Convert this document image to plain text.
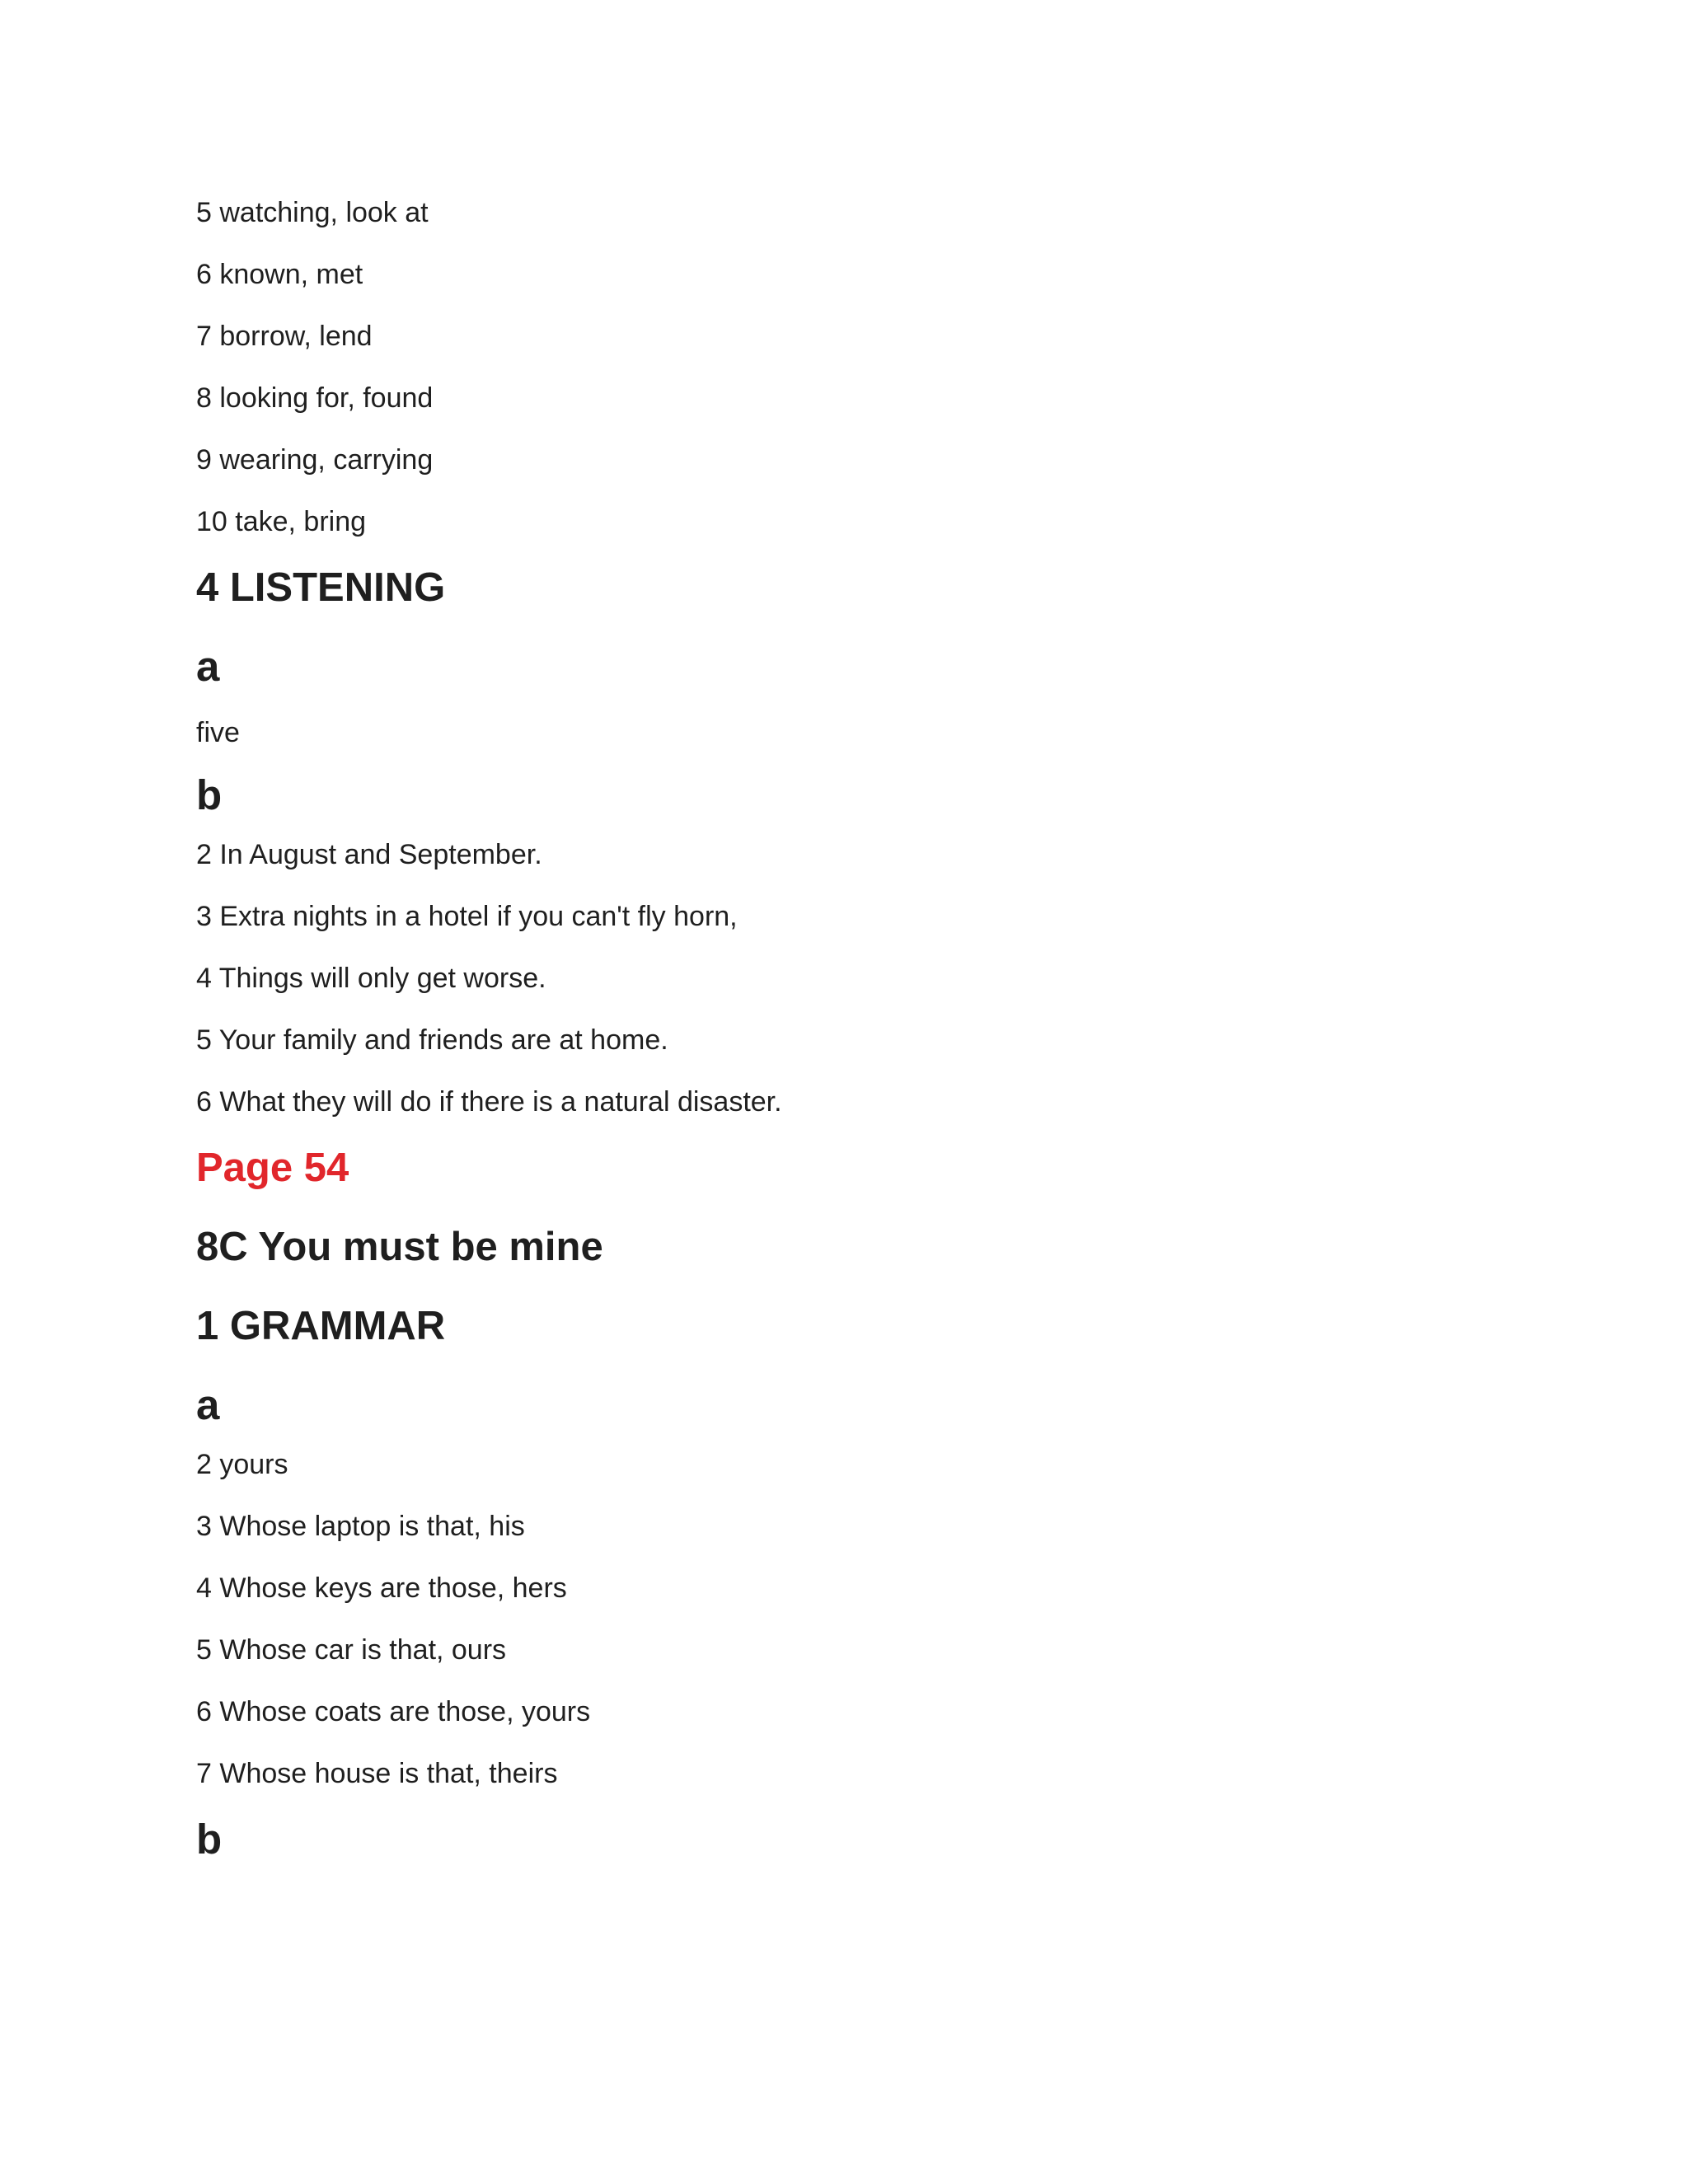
5 watching, look at
6 known, met
7 borrow, lend
8 looking for, found
9 wearing, carrying
10 take, bring
4 LISTENING
a
five
b
2 In August and September.
3 Extra nights in a hotel if you can't fly horn,
4 Things will only get worse.
5 Your family and friends are at home.
6 What they will do if there is a natural disaster.
Page 54
8C You must be mine
1 GRAMMAR
a
2 yours
3 Whose laptop is that, his
4 Whose keys are those, hers
5 Whose car is that, ours
6 Whose coats are those, yours
7 Whose house is that, theirs
b
